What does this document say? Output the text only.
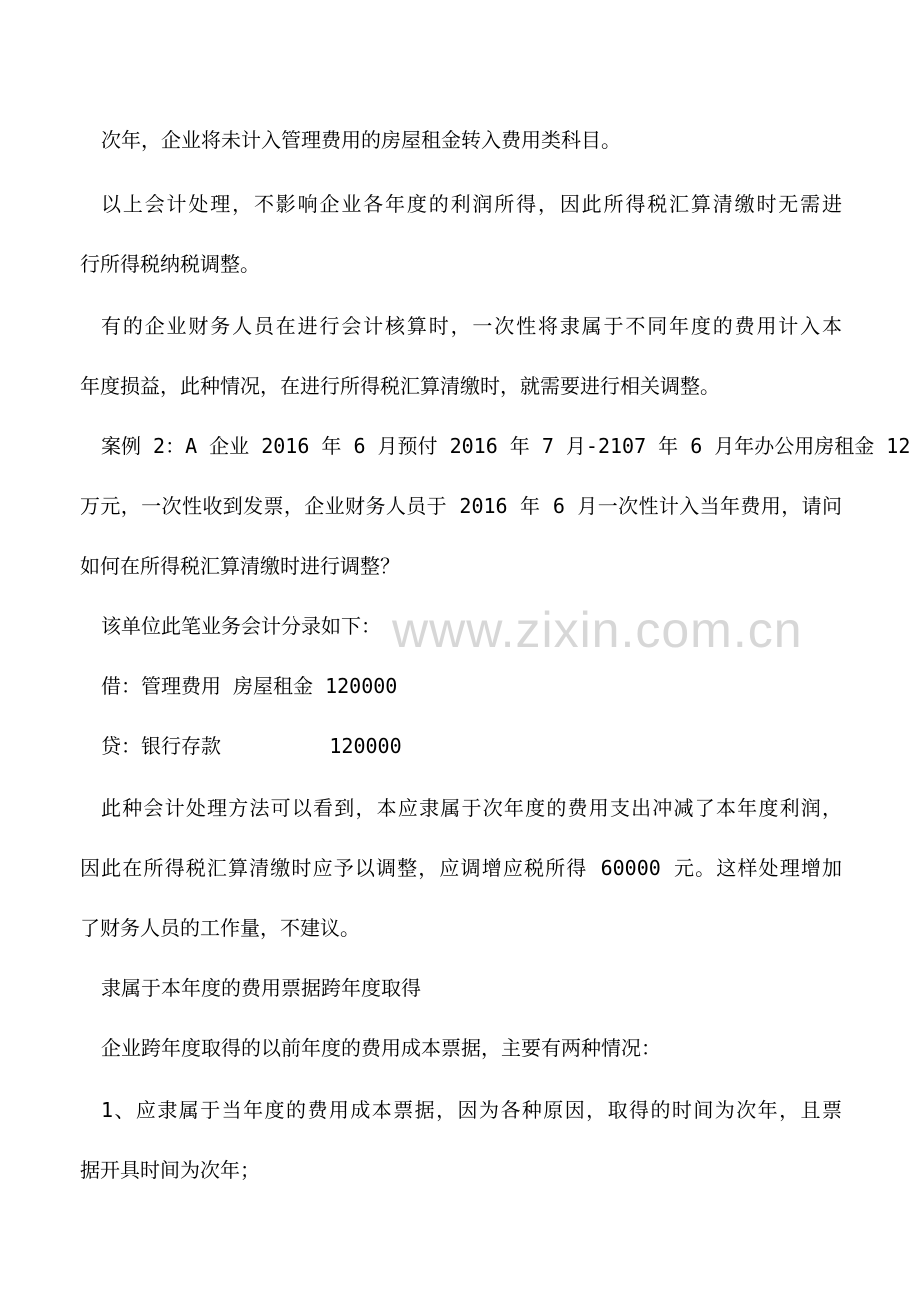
次年，企业将未计入管理费用的房屋租金转入费用类科目。
以上会计处理，不影响企业各年度的利润所得，因此所得税汇算清缴时无需进
行所得税纳税调整。
有的企业财务人员在进行会计核算时，一次性将隶属于不同年度的费用计入本
年度损益，此种情况，在进行所得税汇算清缴时，就需要进行相关调整。
案例 2：A 企业 2016 年 6 月预付 2016 年 7 月-2107 年 6 月年办公用房租金 12
万元，一次性收到发票，企业财务人员于 2016 年 6 月一次性计入当年费用，请问
如何在所得税汇算清缴时进行调整？
该单位此笔业务会计分录如下：
借：管理费用 房屋租金 120000
贷：银行存款         120000
此种会计处理方法可以看到，本应隶属于次年度的费用支出冲减了本年度利润，
因此在所得税汇算清缴时应予以调整，应调增应税所得 60000 元。这样处理增加
了财务人员的工作量，不建议。
隶属于本年度的费用票据跨年度取得
企业跨年度取得的以前年度的费用成本票据，主要有两种情况：
1、应隶属于当年度的费用成本票据，因为各种原因，取得的时间为次年，且票
据开具时间为次年；
www.zixin.com.cn
